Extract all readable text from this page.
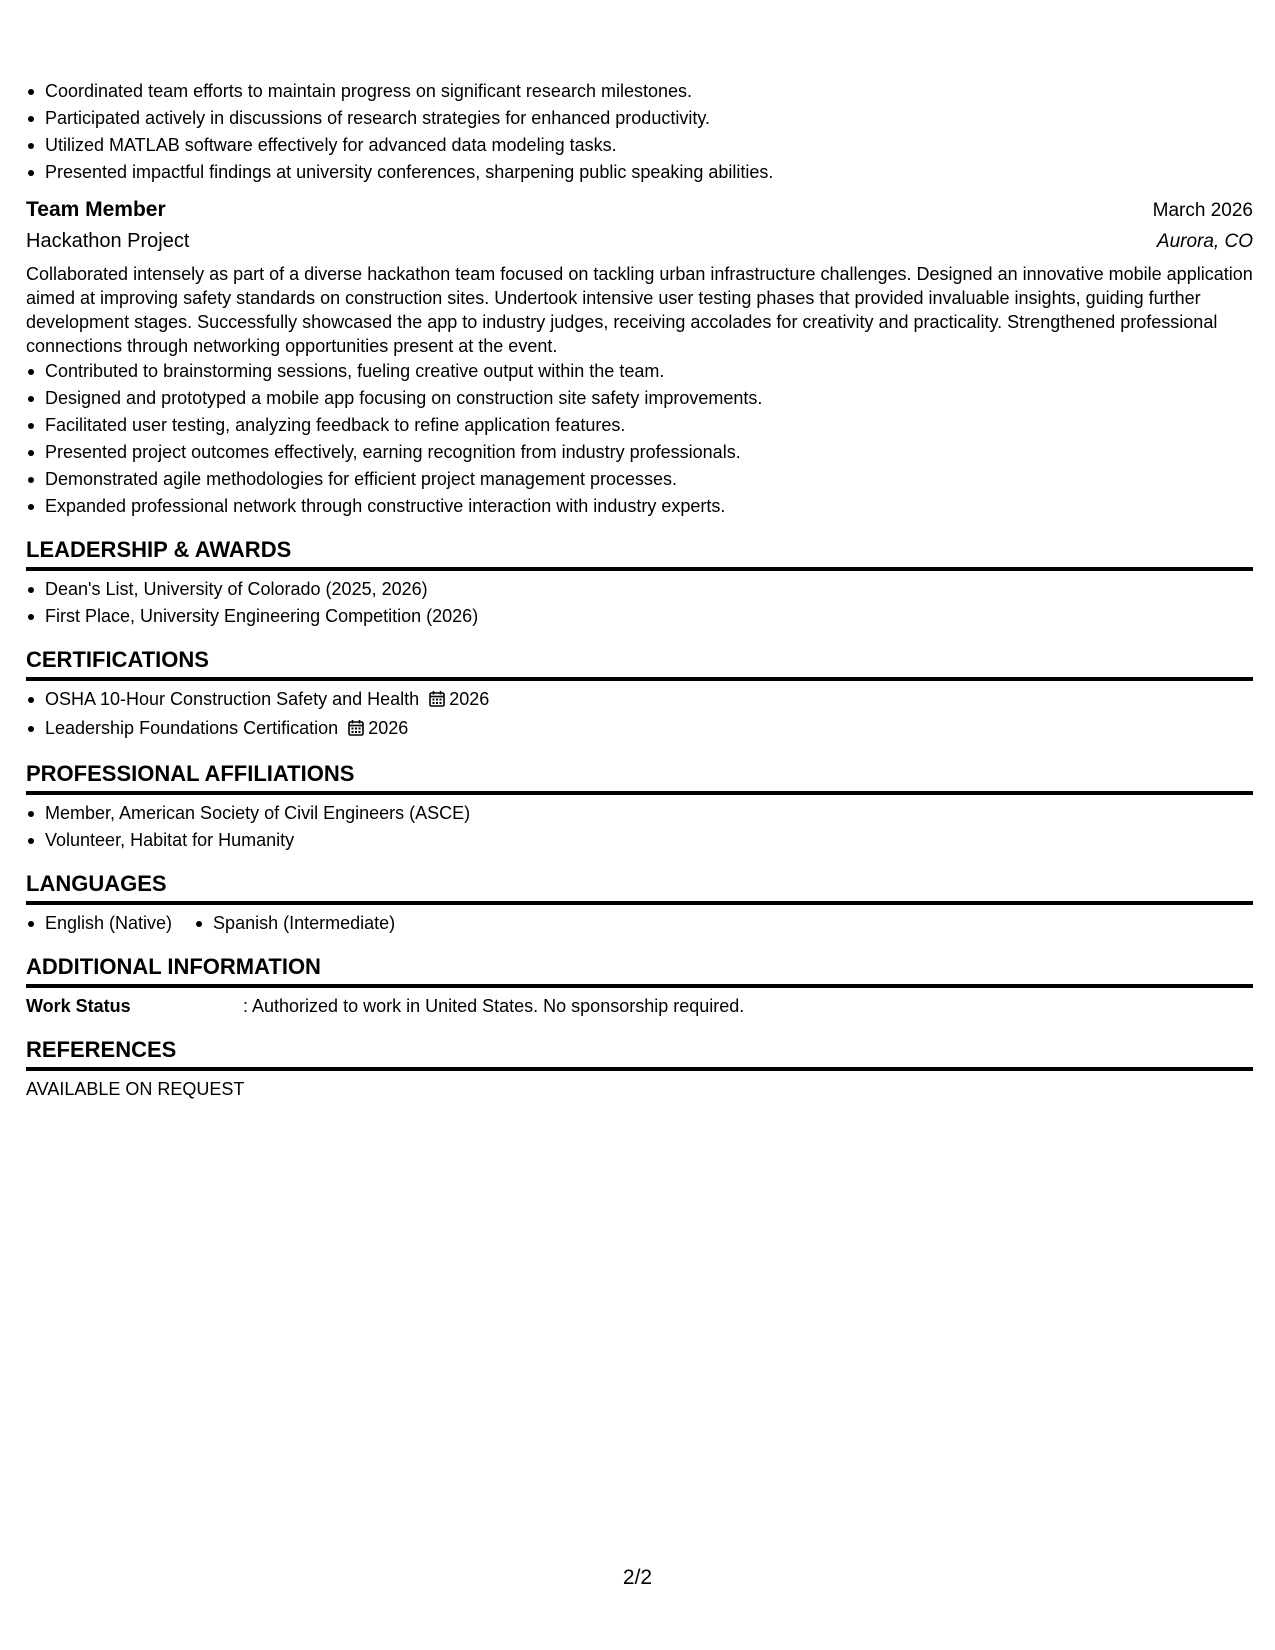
Coordinated team efforts to maintain progress on significant research milestones.
Participated actively in discussions of research strategies for enhanced productivity.
Utilized MATLAB software effectively for advanced data modeling tasks.
Presented impactful findings at university conferences, sharpening public speaking abilities.
Team Member	March 2026
Hackathon Project	Aurora, CO

Collaborated intensely as part of a diverse hackathon team focused on tackling urban infrastructure challenges. Designed an innovative mobile application aimed at improving safety standards on construction sites. Undertook intensive user testing phases that provided invaluable insights, guiding further development stages. Successfully showcased the app to industry judges, receiving accolades for creativity and practicality. Strengthened professional connections through networking opportunities present at the event.

Contributed to brainstorming sessions, fueling creative output within the team.
Designed and prototyped a mobile app focusing on construction site safety improvements.
Facilitated user testing, analyzing feedback to refine application features.
Presented project outcomes effectively, earning recognition from industry professionals.
Demonstrated agile methodologies for efficient project management processes.
Expanded professional network through constructive interaction with industry experts.
LEADERSHIP & AWARDS
Dean's List, University of Colorado (2025, 2026)
First Place, University Engineering Competition (2026)
CERTIFICATIONS
OSHA 10-Hour Construction Safety and Health 2026
Leadership Foundations Certification 2026
PROFESSIONAL AFFILIATIONS
Member, American Society of Civil Engineers (ASCE)
Volunteer, Habitat for Humanity
LANGUAGES
English (Native)	Spanish (Intermediate)
ADDITIONAL INFORMATION
Work Status	: Authorized to work in United States. No sponsorship required.
REFERENCES
AVAILABLE ON REQUEST
2/2
